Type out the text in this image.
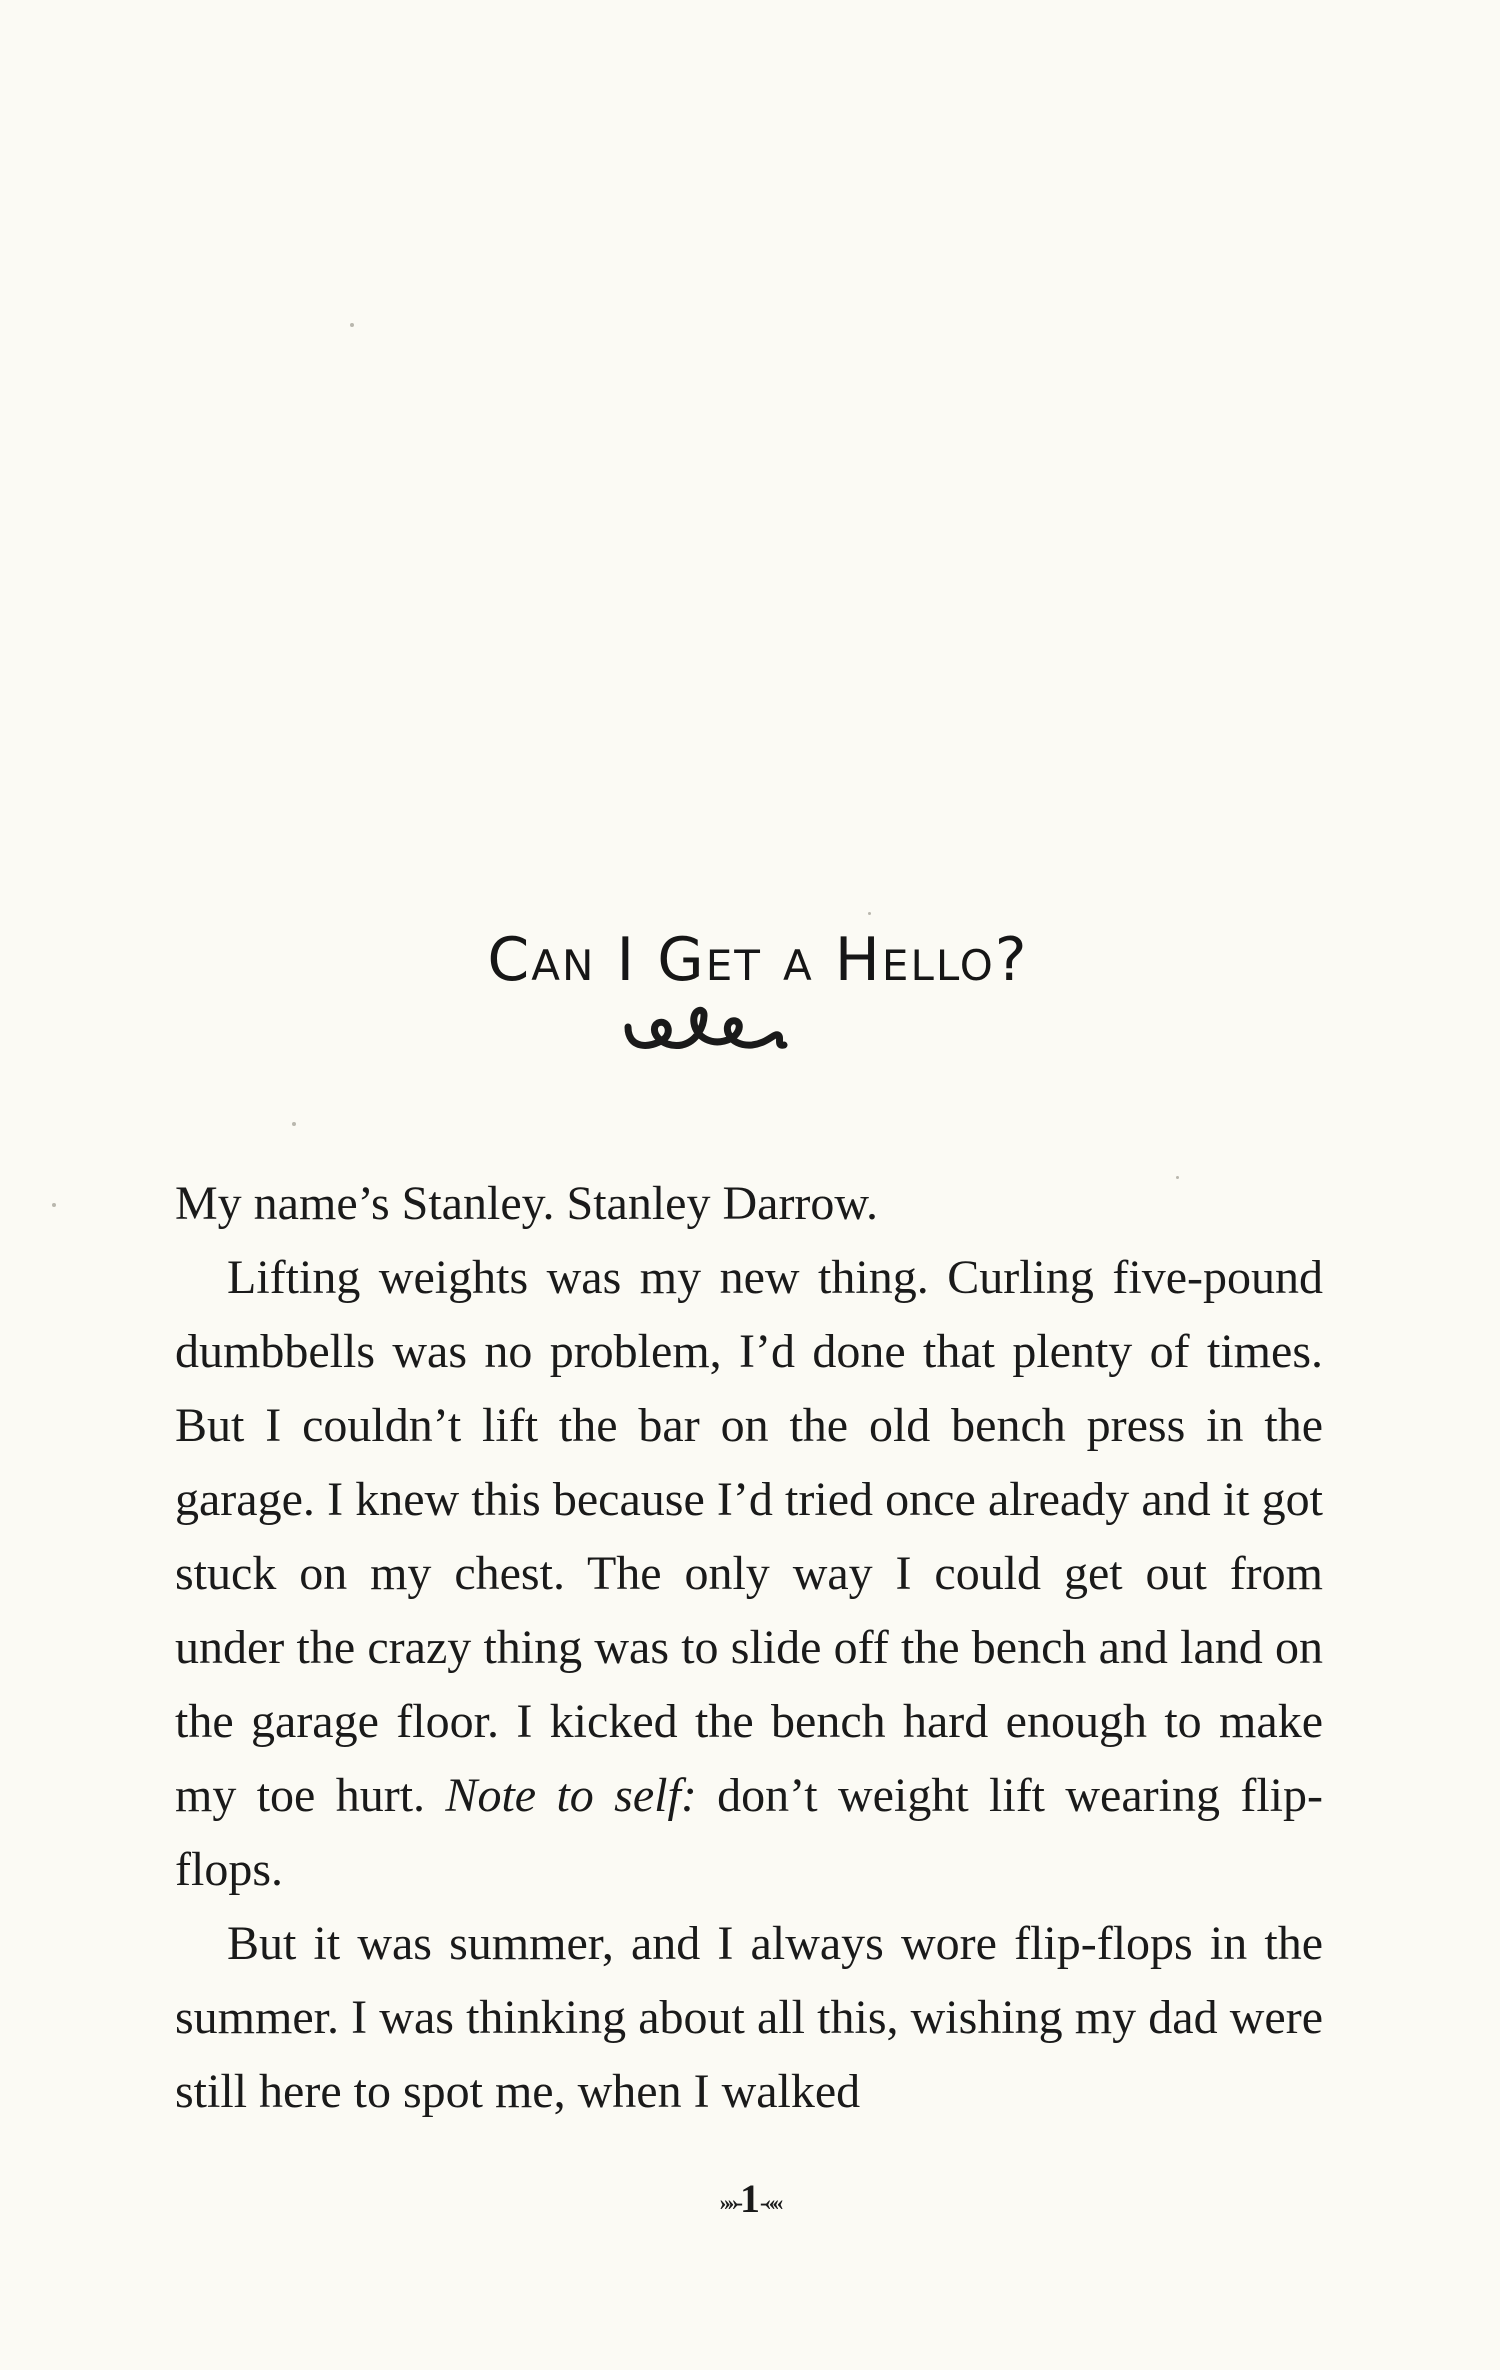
Can I Get a Hello?

My name’s Stanley. Stanley Darrow.

Lifting weights was my new thing. Curling five-pound dumbbells was no problem, I’d done that plenty of times. But I couldn’t lift the bar on the old bench press in the garage. I knew this because I’d tried once already and it got stuck on my chest. The only way I could get out from under the crazy thing was to slide off the bench and land on the garage floor. I kicked the bench hard enough to make my toe hurt. Note to self: don’t weight lift wearing flip-flops.

But it was summer, and I always wore flip-flops in the summer. I was thinking about all this, wishing my dad were still here to spot me, when I walked

»»-1-««
